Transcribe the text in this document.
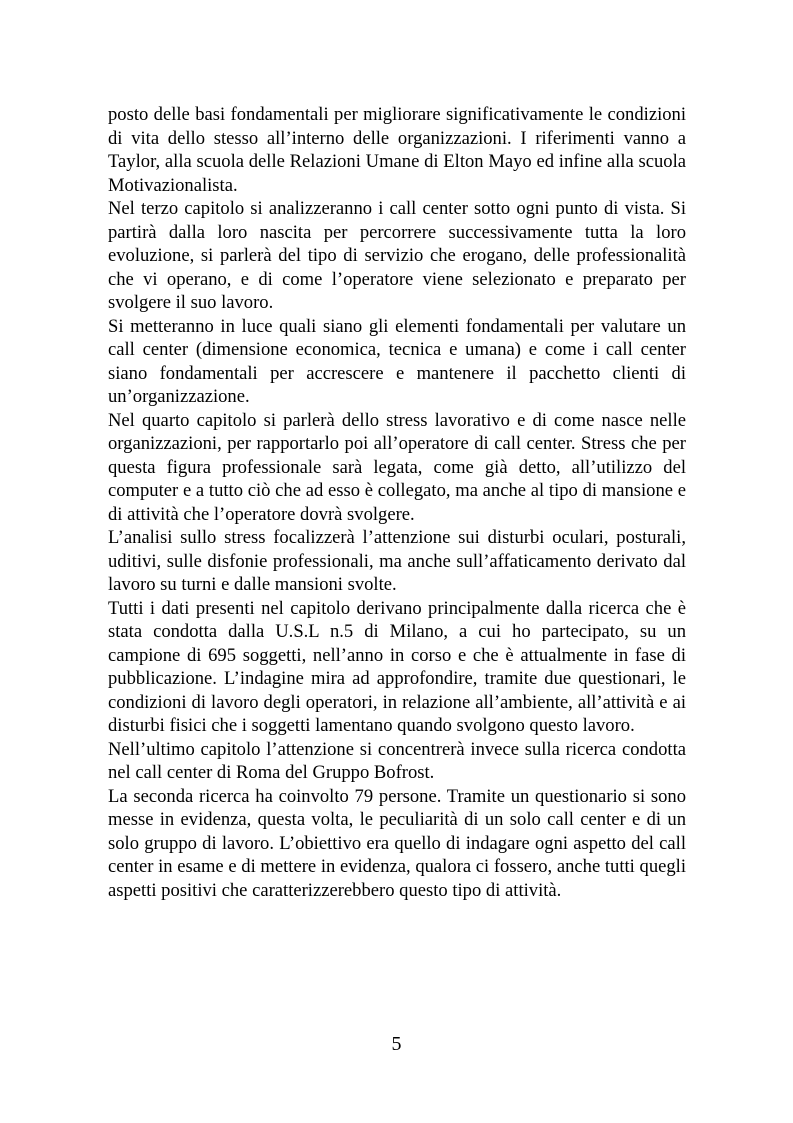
posto delle basi fondamentali per migliorare significativamente le condizioni di vita dello stesso all’interno delle organizzazioni. I riferimenti vanno a Taylor, alla scuola delle Relazioni Umane di Elton Mayo ed infine alla scuola Motivazionalista.

Nel terzo capitolo si analizzeranno i call center sotto ogni punto di vista. Si partirà dalla loro nascita per percorrere successivamente tutta la loro evoluzione, si parlerà del tipo di servizio che erogano, delle professionalità che vi operano, e di come l’operatore viene selezionato e preparato per svolgere il suo lavoro.

Si metteranno in luce quali siano gli elementi fondamentali per valutare un call center (dimensione economica, tecnica e umana) e come i call center siano fondamentali per accrescere e mantenere il pacchetto clienti di un’organizzazione.

Nel quarto capitolo si parlerà dello stress lavorativo e di come nasce nelle organizzazioni, per rapportarlo poi all’operatore di call center. Stress che per questa figura professionale sarà legata, come già detto, all’utilizzo del computer e a tutto ciò che ad esso è collegato, ma anche al tipo di mansione e di attività che l’operatore dovrà svolgere.

L’analisi sullo stress focalizzerà l’attenzione sui disturbi oculari, posturali, uditivi, sulle disfonie professionali, ma anche sull’affaticamento derivato dal lavoro su turni e dalle mansioni svolte.

Tutti i dati presenti nel capitolo derivano principalmente dalla ricerca che è stata condotta dalla U.S.L n.5 di Milano, a cui ho partecipato, su un campione di 695 soggetti, nell’anno in corso e che è attualmente in fase di pubblicazione. L’indagine mira ad approfondire, tramite due questionari, le condizioni di lavoro degli operatori, in relazione all’ambiente, all’attività e ai disturbi fisici che i soggetti lamentano quando svolgono questo lavoro.

Nell’ultimo capitolo l’attenzione si concentrerà invece sulla ricerca condotta nel call center di Roma del Gruppo Bofrost.

La seconda ricerca ha coinvolto 79 persone. Tramite un questionario si sono messe in evidenza, questa volta, le peculiarità di un solo call center e di un solo gruppo di lavoro. L’obiettivo era quello di indagare ogni aspetto del call center in esame e di mettere in evidenza, qualora ci fossero, anche tutti quegli aspetti positivi che caratterizzerebbero questo tipo di attività.

5
